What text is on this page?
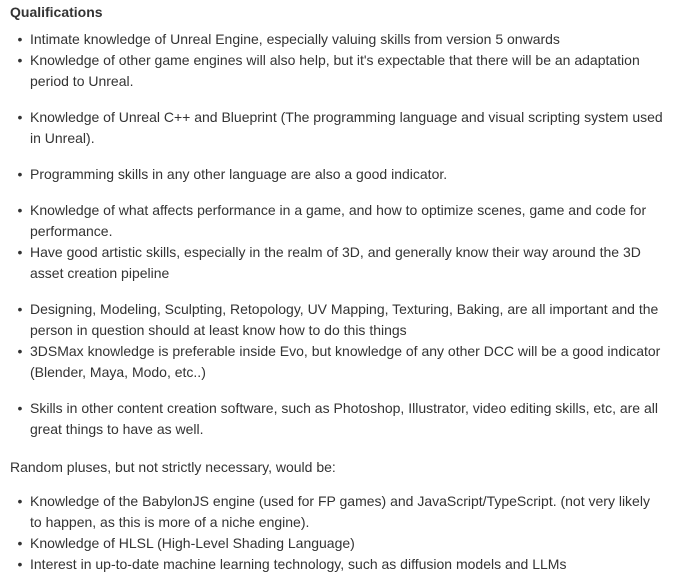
Qualifications
• Intimate knowledge of Unreal Engine, especially valuing skills from version 5 onwards
• Knowledge of other game engines will also help, but it's expectable that there will be an adaptation period to Unreal.
• Knowledge of Unreal C++ and Blueprint (The programming language and visual scripting system used in Unreal).
• Programming skills in any other language are also a good indicator.
• Knowledge of what affects performance in a game, and how to optimize scenes, game and code for performance.
• Have good artistic skills, especially in the realm of 3D, and generally know their way around the 3D asset creation pipeline
• Designing, Modeling, Sculpting, Retopology, UV Mapping, Texturing, Baking, are all important and the person in question should at least know how to do this things
• 3DSMax knowledge is preferable inside Evo, but knowledge of any other DCC will be a good indicator (Blender, Maya, Modo, etc..)
• Skills in other content creation software, such as Photoshop, Illustrator, video editing skills, etc, are all great things to have as well.
Random pluses, but not strictly necessary, would be:
• Knowledge of the BabylonJS engine (used for FP games) and JavaScript/TypeScript. (not very likely to happen, as this is more of a niche engine).
• Knowledge of HLSL (High-Level Shading Language)
• Interest in up-to-date machine learning technology, such as diffusion models and LLMs
